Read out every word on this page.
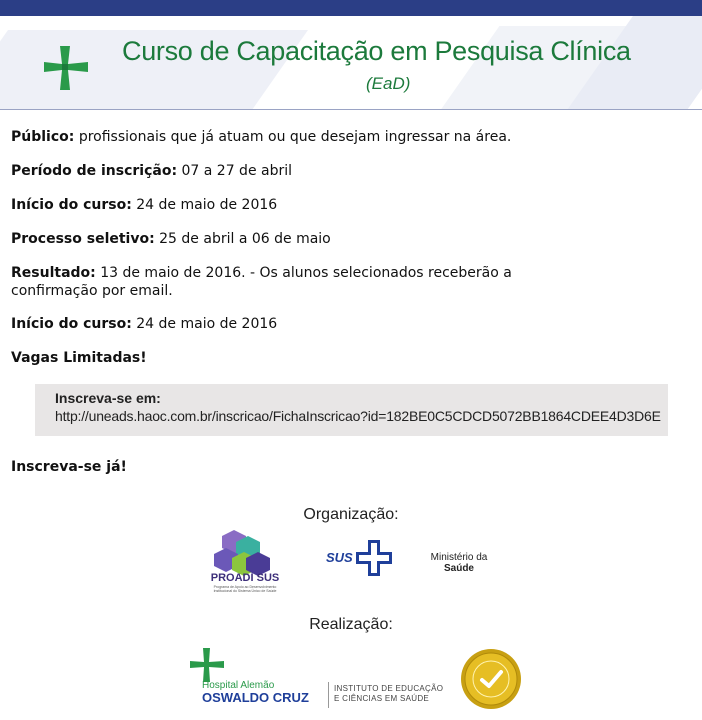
Curso de Capacitação em Pesquisa Clínica
(EaD)
Público: profissionais que já atuam ou que desejam ingressar na área.
Período de inscrição: 07 a 27 de abril
Início do curso: 24 de maio de 2016
Processo seletivo: 25 de abril a 06 de maio
Resultado: 13 de maio de 2016. - Os alunos selecionados receberão a confirmação por email.
Início do curso: 24 de maio de 2016
Vagas Limitadas!
Inscreva-se já!
Inscreva-se em:
http://uneads.haoc.com.br/inscricao/FichaInscricao?id=182BE0C5CDCD5072BB1864CDEE4D3D6E
Organização:
PROADI SUS
Programa de Apoio ao Desenvolvimento Institucional do Sistema Único de Saúde
SUS	Ministério da
Saúde
Realização:
Hospital Alemão
OSWALDO CRUZ
INSTITUTO DE EDUCAÇÃO
E CIÊNCIAS EM SAÚDE
